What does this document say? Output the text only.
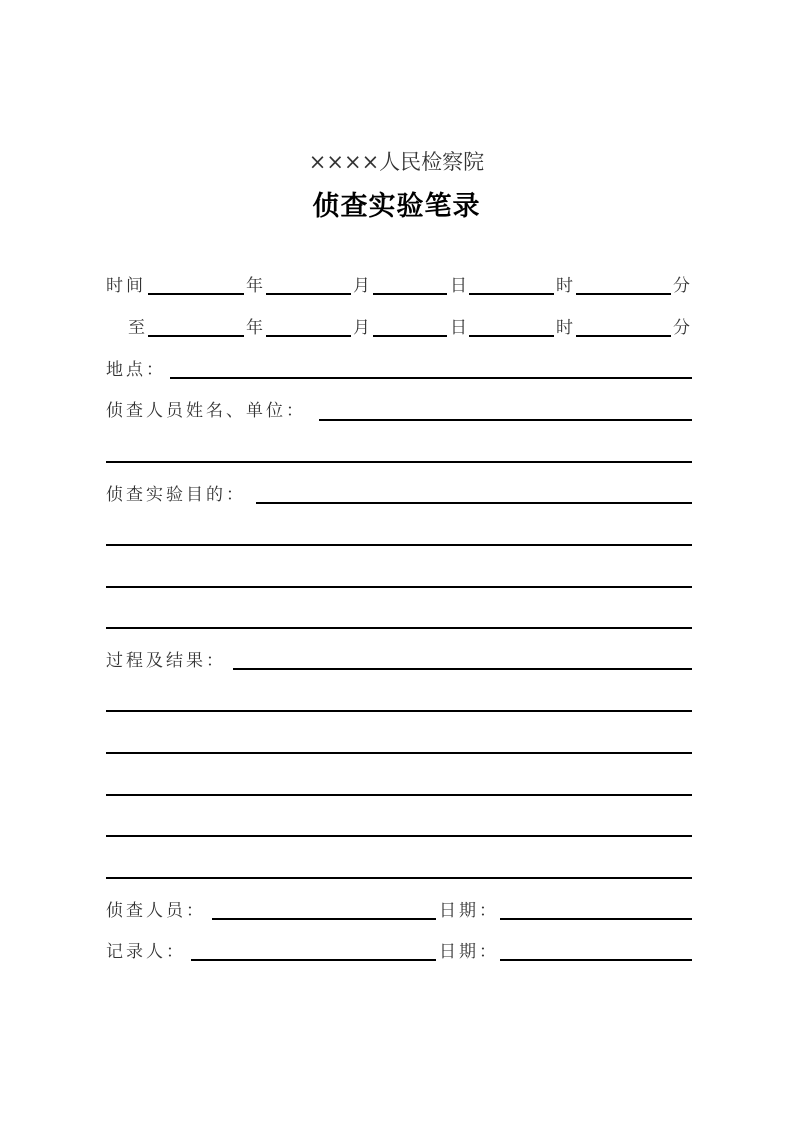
××××人民检察院
侦查实验笔录
时间	年	月	日	时	分
至	年	月	日	时	分
地点：
侦查人员姓名、单位：
侦查实验目的：
过程及结果：
侦查人员：	日期：
记录人：	日期：
